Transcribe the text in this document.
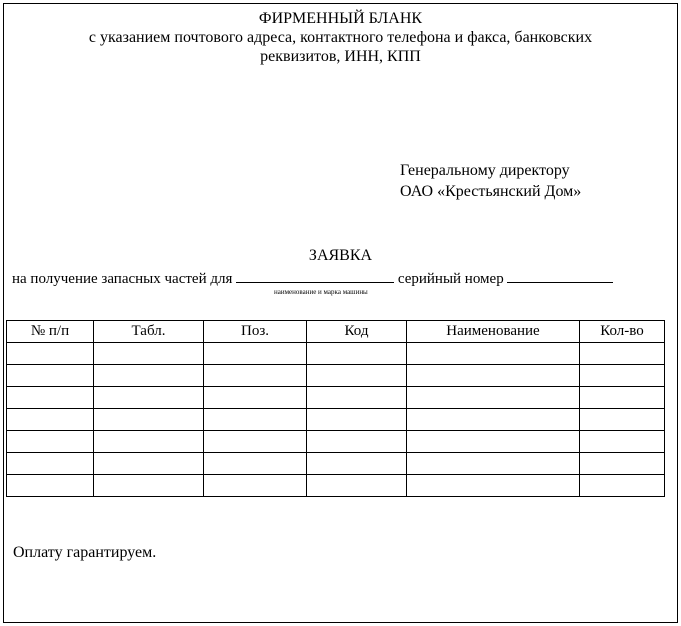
ФИРМЕННЫЙ БЛАНК
с указанием почтового адреса, контактного телефона и факса, банковских
реквизитов, ИНН, КПП
Генеральному директору
ОАО «Крестьянский Дом»
ЗАЯВКА
на получение запасных частей для	серийный номер
наименование и марка машины
№ п/п	Табл.	Поз.	Код	Наименование	Кол-во

Оплату гарантируем.
